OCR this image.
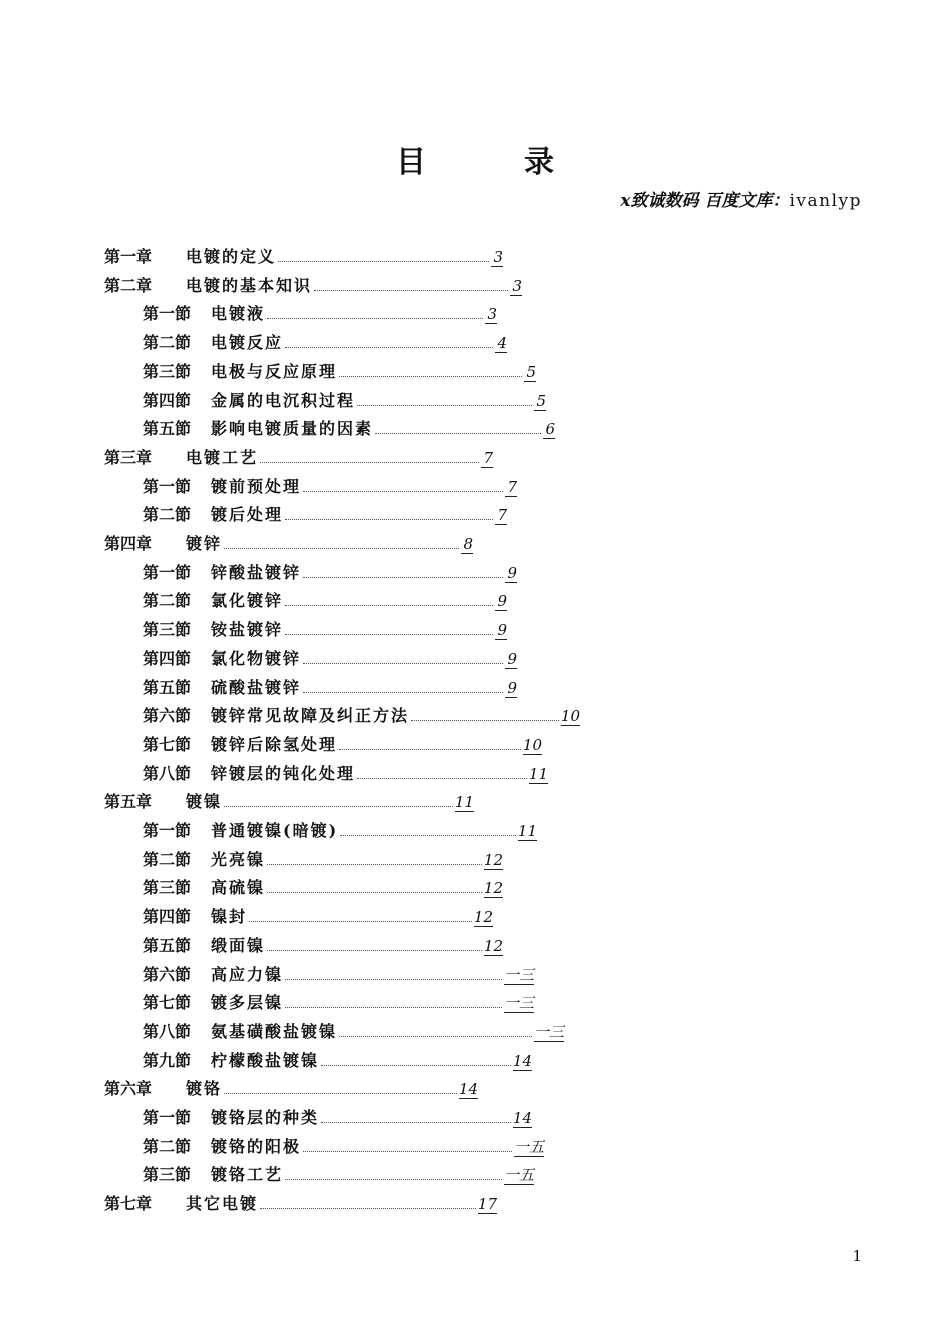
目　录
x致诚数码 百度文库：ivanlyp
第一章 电镀的定义	3
第二章 电镀的基本知识	3
第一節 电镀液	3
第二節 电镀反应	4
第三節 电极与反应原理	5
第四節 金属的电沉积过程	5
第五節 影响电镀质量的因素	6
第三章 电镀工艺	7
第一節 镀前预处理	7
第二節 镀后处理	7
第四章 镀锌	8
第一節 锌酸盐镀锌	9
第二節 氯化镀锌	9
第三節 铵盐镀锌	9
第四節 氯化物镀锌	9
第五節 硫酸盐镀锌	9
第六節 镀锌常见故障及纠正方法	10
第七節 镀锌后除氢处理	10
第八節 锌镀层的钝化处理	11
第五章 镀镍	11
第一節 普通镀镍(暗镀)	11
第二節 光亮镍	12
第三節 高硫镍	12
第四節 镍封	12
第五節 缎面镍	12
第六節 高应力镍	一三
第七節 镀多层镍	一三
第八節 氨基磺酸盐镀镍	一三
第九節 柠檬酸盐镀镍	14
第六章 镀铬	14
第一節 镀铬层的种类	14
第二節 镀铬的阳极	一五
第三節 镀铬工艺	一五
第七章 其它电镀	17
1
